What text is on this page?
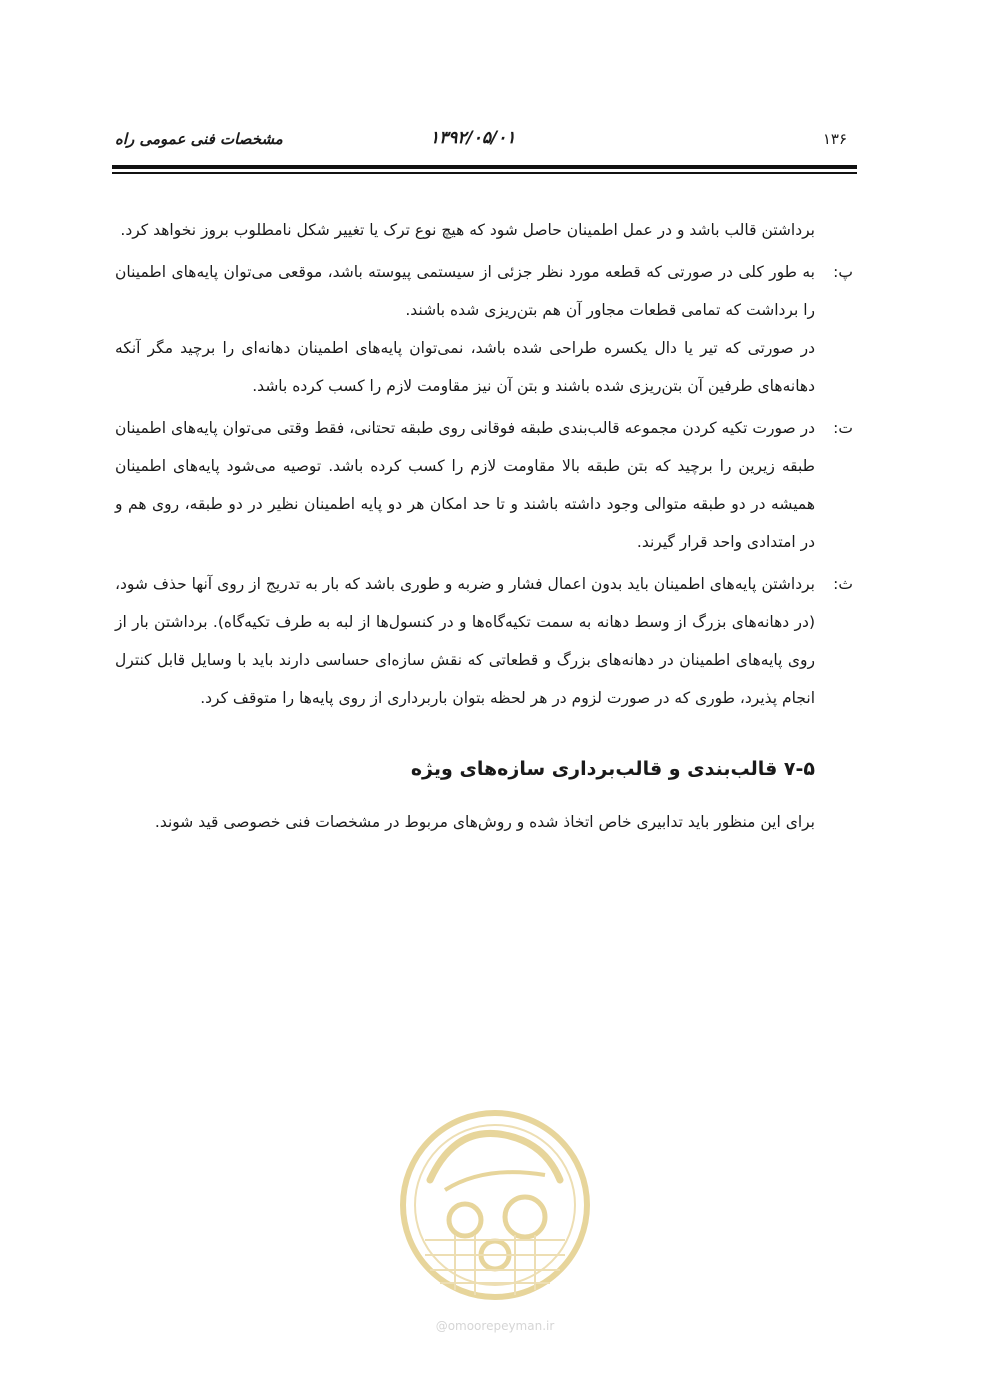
مشخصات فنی عمومی راه	۱۳۹۲/۰۵/۰۱	۱۳۶

برداشتن قالب باشد و در عمل اطمینان حاصل شود که هیچ نوع ترک یا تغییر شکل نامطلوب بروز نخواهد کرد.

پ:

به طور کلی در صورتی که قطعه مورد نظر جزئی از سیستمی پیوسته باشد، موقعی می‌توان پایه‌های اطمینان را برداشت که تمامی قطعات مجاور آن هم بتن‌ریزی شده باشند.

در صورتی که تیر یا دال یکسره طراحی شده باشد، نمی‌توان پایه‌های اطمینان دهانه‌ای را برچید مگر آنکه دهانه‌های طرفین آن بتن‌ریزی شده باشند و بتن آن نیز مقاومت لازم را کسب کرده باشد.

ت:

در صورت تکیه کردن مجموعه قالب‌بندی طبقه فوقانی روی طبقه تحتانی، فقط وقتی می‌توان پایه‌های اطمینان طبقه زیرین را برچید که بتن طبقه بالا مقاومت لازم را کسب کرده باشد. توصیه می‌شود پایه‌های اطمینان همیشه در دو طبقه متوالی وجود داشته باشند و تا حد امکان هر دو پایه اطمینان نظیر در دو طبقه، روی هم و در امتدادی واحد قرار گیرند.

ث:

برداشتن پایه‌های اطمینان باید بدون اعمال فشار و ضربه و طوری باشد که بار به تدریج از روی آنها حذف شود، (در دهانه‌های بزرگ از وسط دهانه به سمت تکیه‌گاه‌ها و در کنسول‌ها از لبه به طرف تکیه‌گاه). برداشتن بار از روی پایه‌های اطمینان در دهانه‌های بزرگ و قطعاتی که نقش سازه‌ای حساسی دارند باید با وسایل قابل کنترل انجام پذیرد، طوری که در صورت لزوم در هر لحظه بتوان باربرداری از روی پایه‌ها را متوقف کرد.

۷-۵ قالب‌بندی و قالب‌برداری سازه‌های ویژه

برای این منظور باید تدابیری خاص اتخاذ شده و روش‌های مربوط در مشخصات فنی خصوصی قید شوند.

@omoorepeyman.ir
